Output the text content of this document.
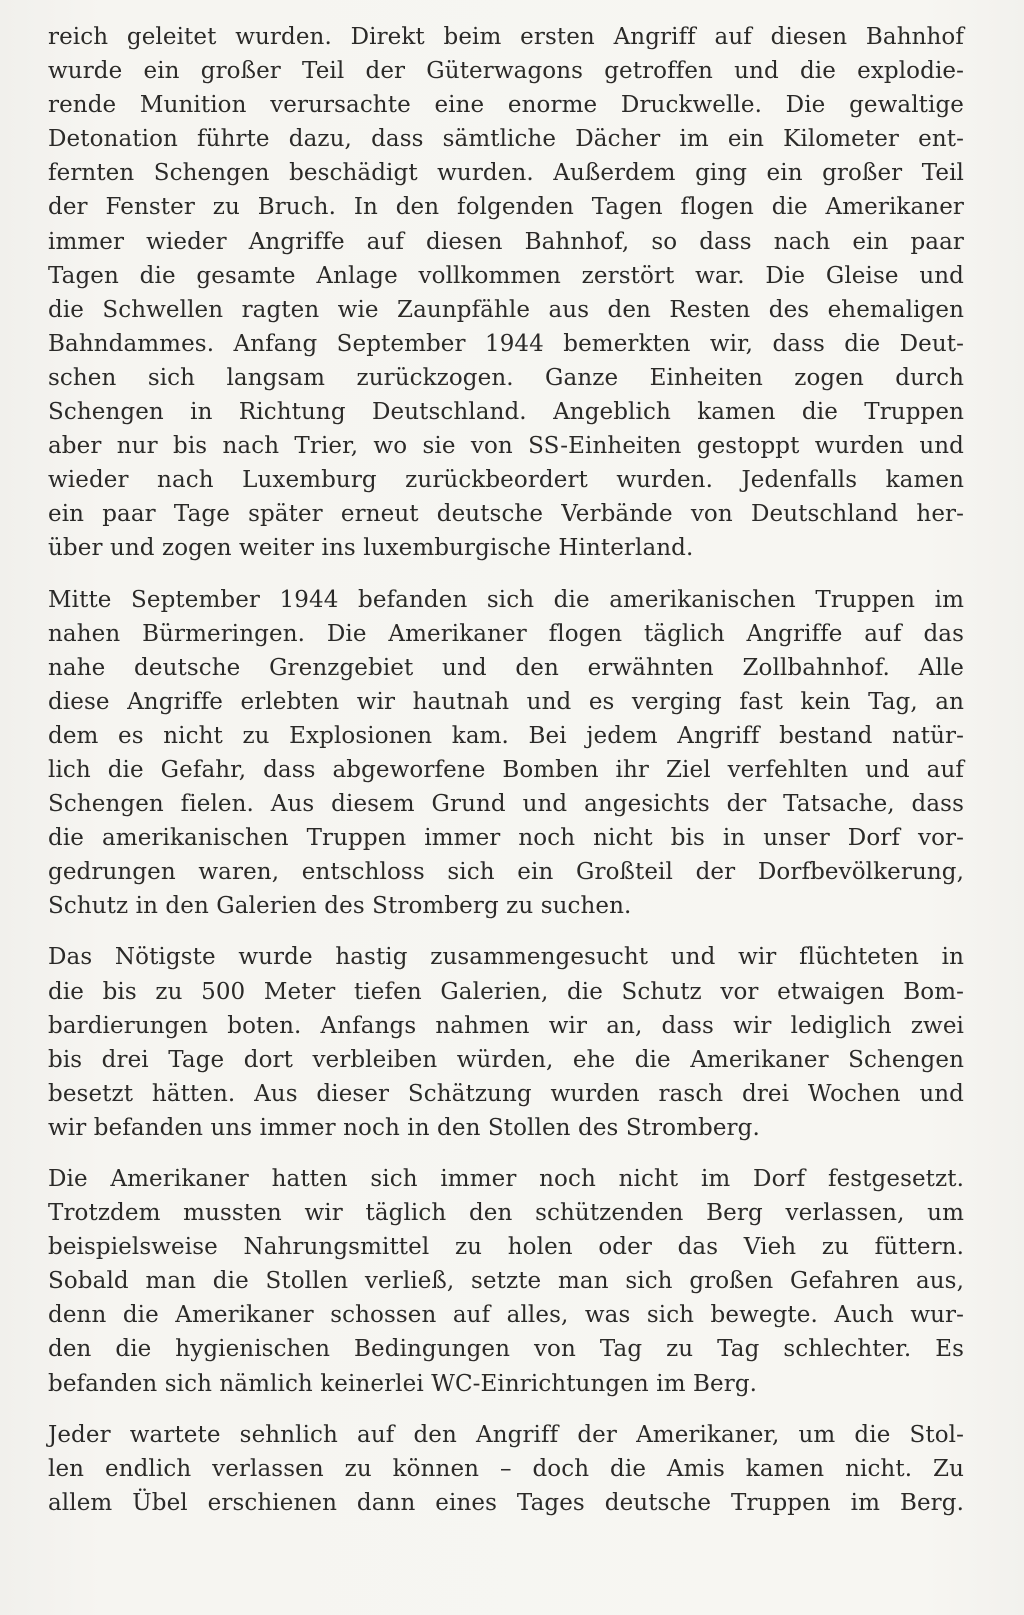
reich geleitet wurden. Direkt beim ersten Angriff auf diesen Bahnhof
wurde ein großer Teil der Güterwagons getroffen und die explodie-
rende Munition verursachte eine enorme Druckwelle. Die gewaltige
Detonation führte dazu, dass sämtliche Dächer im ein Kilometer ent-
fernten Schengen beschädigt wurden. Außerdem ging ein großer Teil
der Fenster zu Bruch. In den folgenden Tagen flogen die Amerikaner
immer wieder Angriffe auf diesen Bahnhof, so dass nach ein paar
Tagen die gesamte Anlage vollkommen zerstört war. Die Gleise und
die Schwellen ragten wie Zaunpfähle aus den Resten des ehemaligen
Bahndammes. Anfang September 1944 bemerkten wir, dass die Deut-
schen sich langsam zurückzogen. Ganze Einheiten zogen durch
Schengen in Richtung Deutschland. Angeblich kamen die Truppen
aber nur bis nach Trier, wo sie von SS-Einheiten gestoppt wurden und
wieder nach Luxemburg zurückbeordert wurden. Jedenfalls kamen
ein paar Tage später erneut deutsche Verbände von Deutschland her-
über und zogen weiter ins luxemburgische Hinterland.

Mitte September 1944 befanden sich die amerikanischen Truppen im
nahen Bürmeringen. Die Amerikaner flogen täglich Angriffe auf das
nahe deutsche Grenzgebiet und den erwähnten Zollbahnhof. Alle
diese Angriffe erlebten wir hautnah und es verging fast kein Tag, an
dem es nicht zu Explosionen kam. Bei jedem Angriff bestand natür-
lich die Gefahr, dass abgeworfene Bomben ihr Ziel verfehlten und auf
Schengen fielen. Aus diesem Grund und angesichts der Tatsache, dass
die amerikanischen Truppen immer noch nicht bis in unser Dorf vor-
gedrungen waren, entschloss sich ein Großteil der Dorfbevölkerung,
Schutz in den Galerien des Stromberg zu suchen.

Das Nötigste wurde hastig zusammengesucht und wir flüchteten in
die bis zu 500 Meter tiefen Galerien, die Schutz vor etwaigen Bom-
bardierungen boten. Anfangs nahmen wir an, dass wir lediglich zwei
bis drei Tage dort verbleiben würden, ehe die Amerikaner Schengen
besetzt hätten. Aus dieser Schätzung wurden rasch drei Wochen und
wir befanden uns immer noch in den Stollen des Stromberg.

Die Amerikaner hatten sich immer noch nicht im Dorf festgesetzt.
Trotzdem mussten wir täglich den schützenden Berg verlassen, um
beispielsweise Nahrungsmittel zu holen oder das Vieh zu füttern.
Sobald man die Stollen verließ, setzte man sich großen Gefahren aus,
denn die Amerikaner schossen auf alles, was sich bewegte. Auch wur-
den die hygienischen Bedingungen von Tag zu Tag schlechter. Es
befanden sich nämlich keinerlei WC-Einrichtungen im Berg.

Jeder wartete sehnlich auf den Angriff der Amerikaner, um die Stol-
len endlich verlassen zu können – doch die Amis kamen nicht. Zu
allem Übel erschienen dann eines Tages deutsche Truppen im Berg.
